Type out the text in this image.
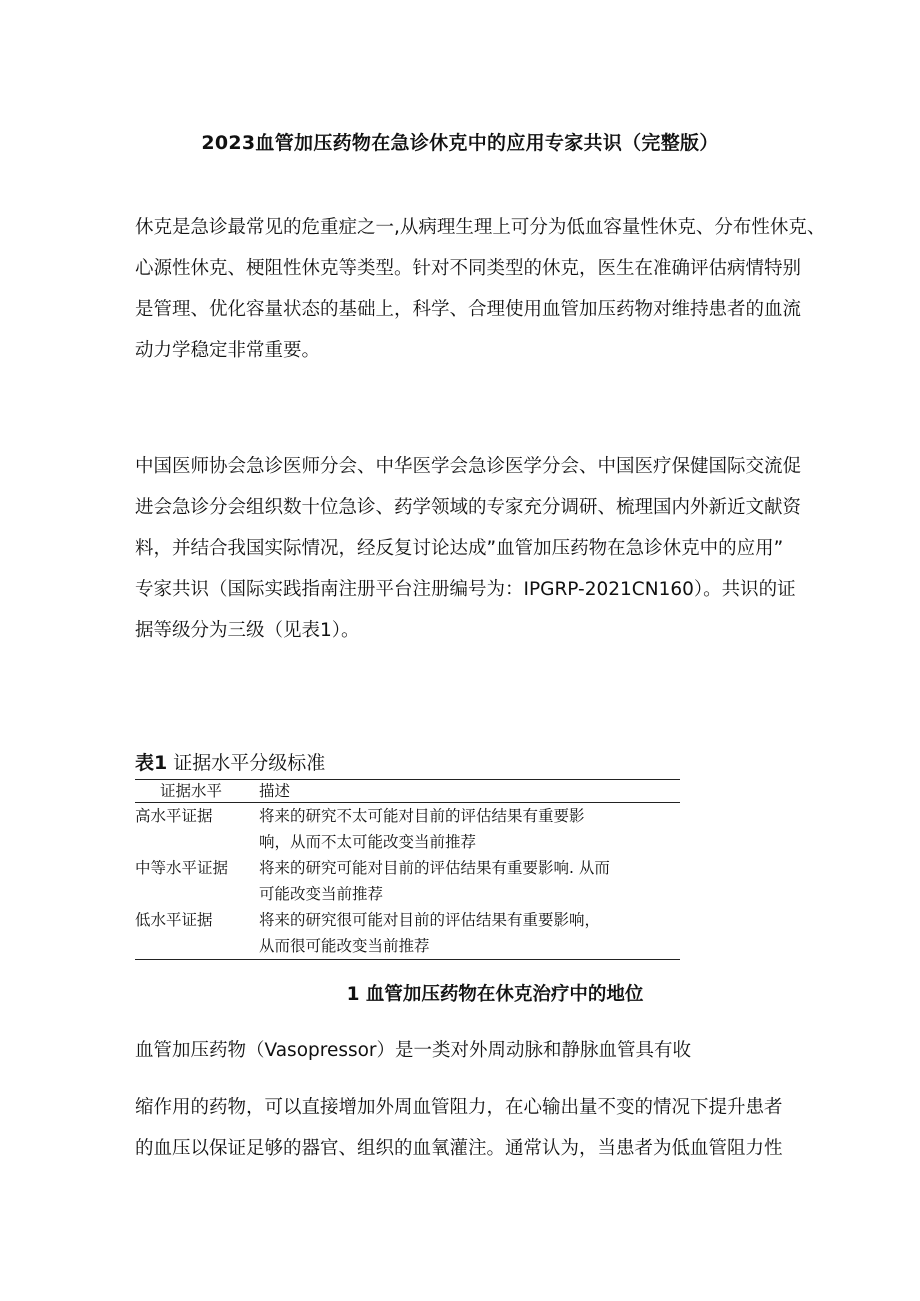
2023血管加压药物在急诊休克中的应用专家共识（完整版）
休克是急诊最常见的危重症之一,从病理生理上可分为低血容量性休克、分布性休克、
心源性休克、梗阻性休克等类型。针对不同类型的休克，医生在准确评估病情特别
是管理、优化容量状态的基础上，科学、合理使用血管加压药物对维持患者的血流
动力学稳定非常重要。
中国医师协会急诊医师分会、中华医学会急诊医学分会、中国医疗保健国际交流促
进会急诊分会组织数十位急诊、药学领域的专家充分调研、梳理国内外新近文献资
料，并结合我国实际情况，经反复讨论达成”血管加压药物在急诊休克中的应用”
专家共识（国际实践指南注册平台注册编号为：IPGRP-2021CN160）。共识的证
据等级分为三级（见表1）。
表1 证据水平分级标准
证据水平	描述
高水平证据	将来的研究不太可能对目前的评估结果有重要影
响，从而不太可能改变当前推荐
中等水平证据	将来的研究可能对目前的评估结果有重要影响. 从而
可能改变当前推荐
低水平证据	将来的研究很可能对目前的评估结果有重要影响，
从而很可能改变当前推荐
1 血管加压药物在休克治疗中的地位
血管加压药物（Vasopressor）是一类对外周动脉和静脉血管具有收
缩作用的药物，可以直接增加外周血管阻力，在心输出量不变的情况下提升患者
的血压以保证足够的器官、组织的血氧灌注。通常认为，当患者为低血管阻力性
